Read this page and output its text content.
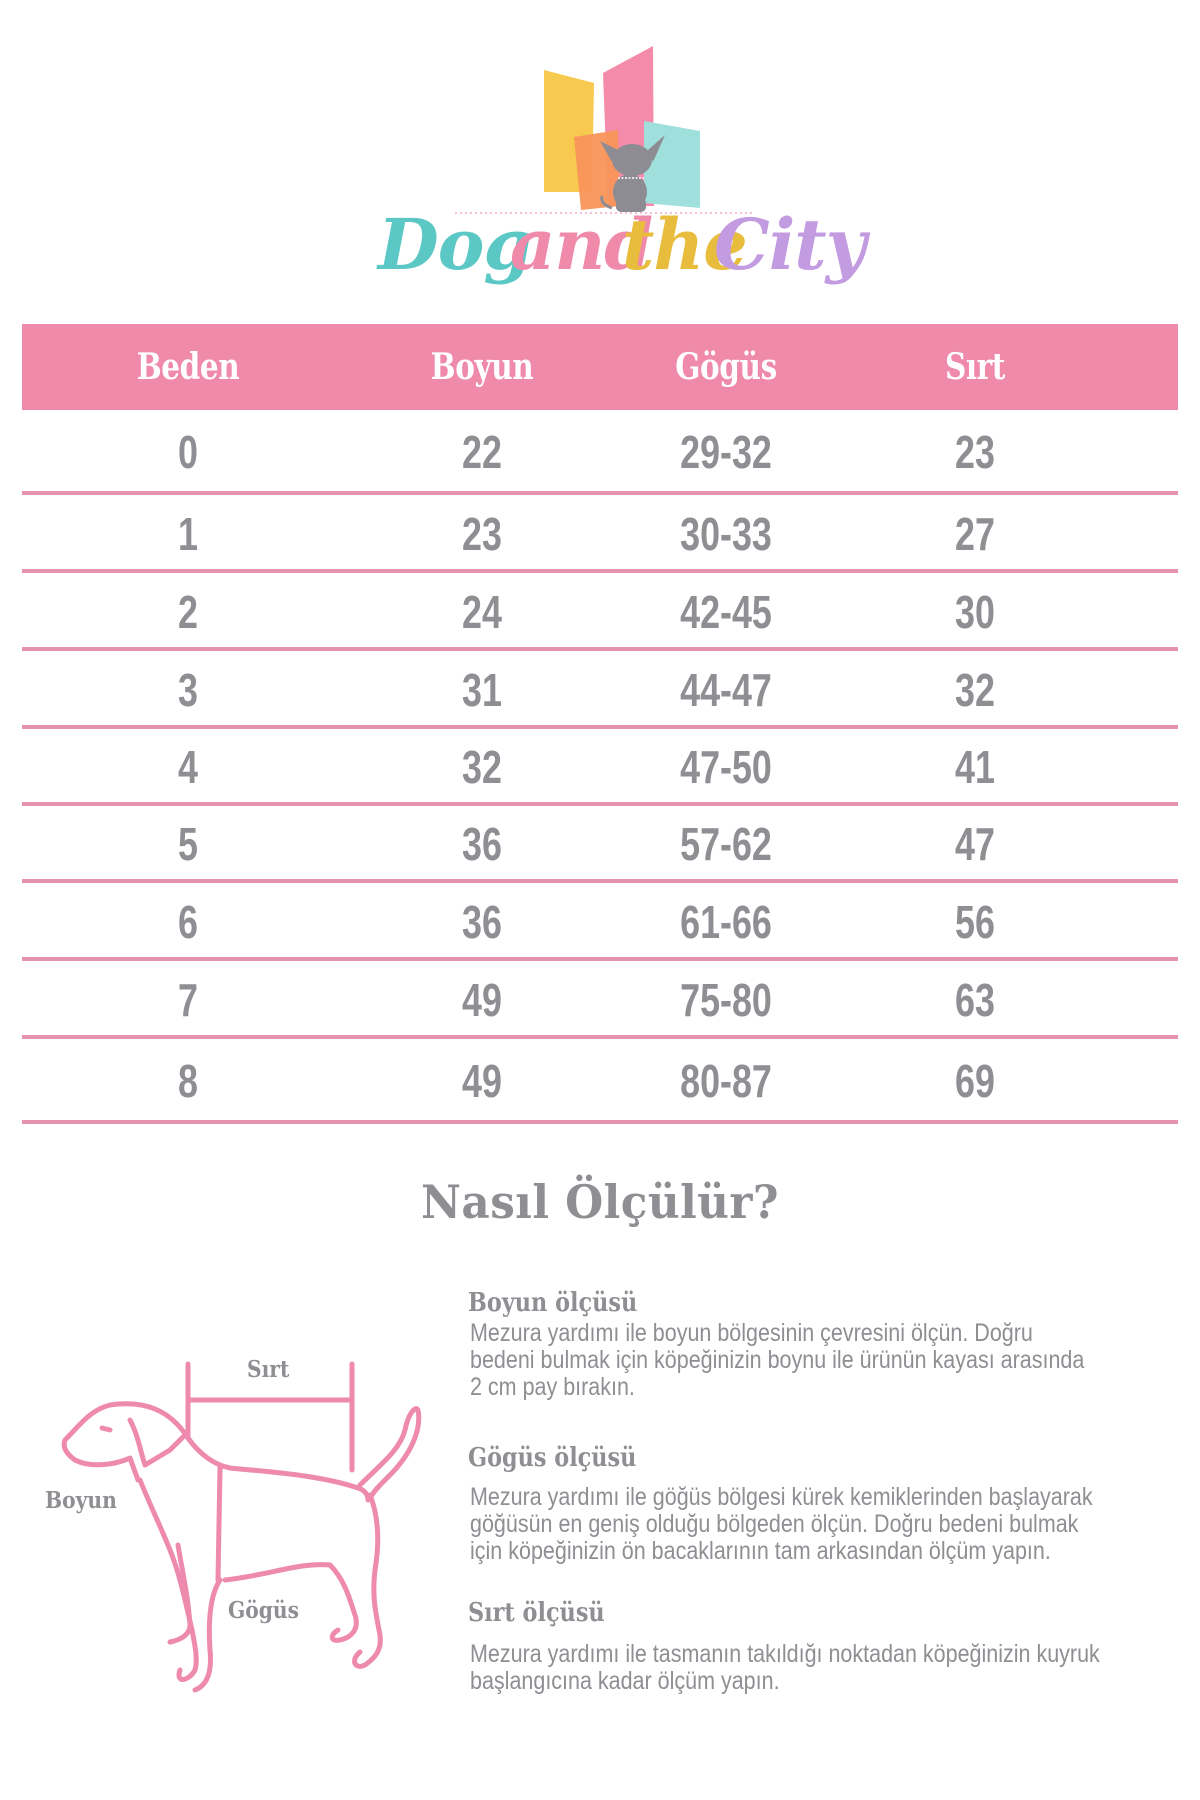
Dog
and
the
City
Beden	Boyun	Gögüs	Sırt
0	22	29-32	23
1	23	30-33	27
2	24	42-45	30
3	31	44-47	32
4	32	47-50	41
5	36	57-62	47
6	36	61-66	56
7	49	75-80	63
8	49	80-87	69
Nasıl Ölçülür?
Sırt
Boyun
Gögüs
Boyun ölçüsü
Mezura yardımı ile boyun bölgesinin çevresini ölçün. Doğru
bedeni bulmak için köpeğinizin boynu ile ürünün kayası arasında
2 cm pay bırakın.
Gögüs ölçüsü
Mezura yardımı ile göğüs bölgesi kürek kemiklerinden başlayarak
göğüsün en geniş olduğu bölgeden ölçün. Doğru bedeni bulmak
için köpeğinizin ön bacaklarının tam arkasından ölçüm yapın.
Sırt ölçüsü
Mezura yardımı ile tasmanın takıldığı noktadan köpeğinizin kuyruk
başlangıcına kadar ölçüm yapın.
